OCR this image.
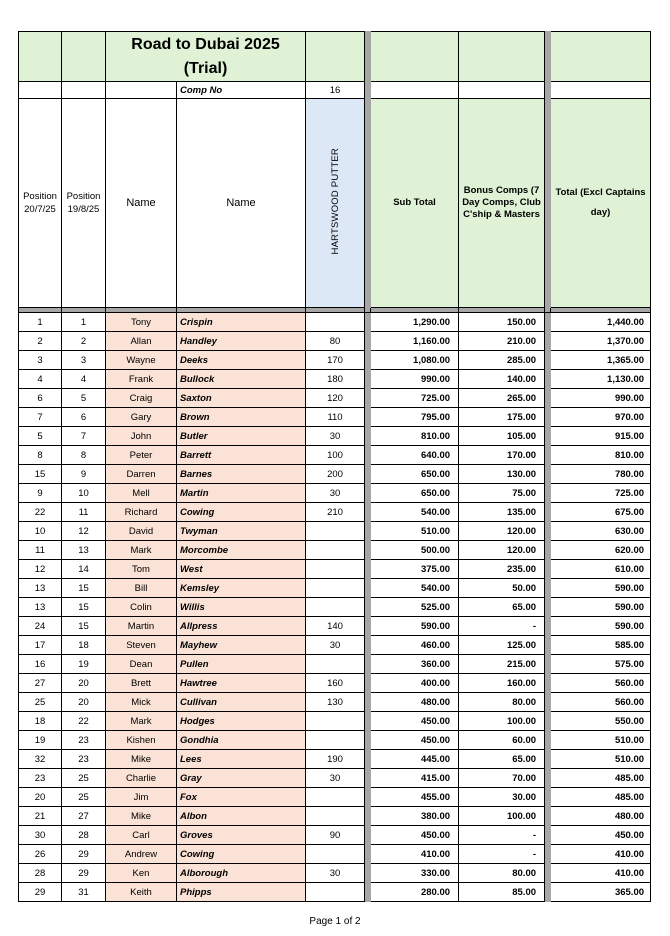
		Road to Dubai 2025
(Trial)							

			Comp No	16					
Position 20/7/25	Position 19/8/25	Name	Name	HARTSWOOD PUTTER		Sub Total	Bonus Comps (7 Day Comps, Club C'ship & Masters		Total (Excl Captains day)

1	1	Tony	Crispin			1,290.00	150.00		1,440.00
2	2	Allan	Handley	80		1,160.00	210.00		1,370.00
3	3	Wayne	Deeks	170		1,080.00	285.00		1,365.00
4	4	Frank	Bullock	180		990.00	140.00		1,130.00
6	5	Craig	Saxton	120		725.00	265.00		990.00
7	6	Gary	Brown	110		795.00	175.00		970.00
5	7	John	Butler	30		810.00	105.00		915.00
8	8	Peter	Barrett	100		640.00	170.00		810.00
15	9	Darren	Barnes	200		650.00	130.00		780.00
9	10	Mell	Martin	30		650.00	75.00		725.00
22	11	Richard	Cowing	210		540.00	135.00		675.00
10	12	David	Twyman			510.00	120.00		630.00
11	13	Mark	Morcombe			500.00	120.00		620.00
12	14	Tom	West			375.00	235.00		610.00
13	15	Bill	Kemsley			540.00	50.00		590.00
13	15	Colin	Willis			525.00	65.00		590.00
24	15	Martin	Allpress	140		590.00	-		590.00
17	18	Steven	Mayhew	30		460.00	125.00		585.00
16	19	Dean	Pullen			360.00	215.00		575.00
27	20	Brett	Hawtree	160		400.00	160.00		560.00
25	20	Mick	Cullivan	130		480.00	80.00		560.00
18	22	Mark	Hodges			450.00	100.00		550.00
19	23	Kishen	Gondhia			450.00	60.00		510.00
32	23	Mike	Lees	190		445.00	65.00		510.00
23	25	Charlie	Gray	30		415.00	70.00		485.00
20	25	Jim	Fox			455.00	30.00		485.00
21	27	Mike	Albon			380.00	100.00		480.00
30	28	Carl	Groves	90		450.00	-		450.00
26	29	Andrew	Cowing			410.00	-		410.00
28	29	Ken	Alborough	30		330.00	80.00		410.00
29	31	Keith	Phipps			280.00	85.00		365.00
Page 1 of 2
